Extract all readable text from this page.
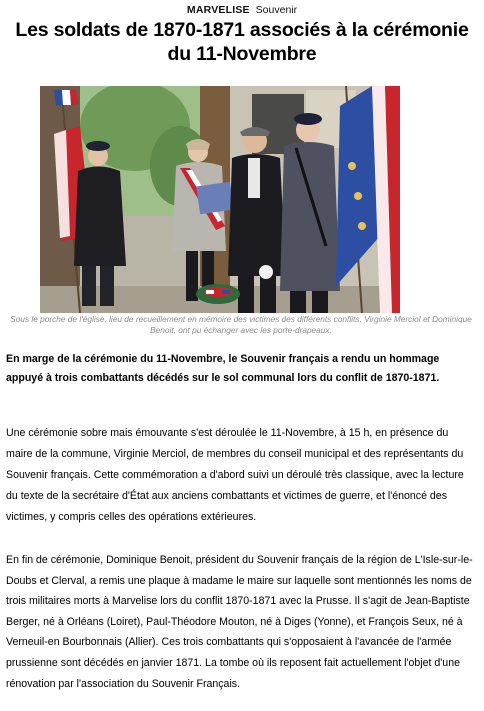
MARVELISE Souvenir
Les soldats de 1870-1871 associés à la cérémonie du 11-Novembre

Sous le porche de l'église, lieu de recueillement en mémoire des victimes des différents conflits, Virginie Merciol et Dominique Benoit, ont pu échanger avec les porte-drapeaux.

En marge de la cérémonie du 11-Novembre, le Souvenir français a rendu un hommage appuyé à trois combattants décédés sur le sol communal lors du conflit de 1870-1871.

Une cérémonie sobre mais émouvante s'est déroulée le 11-Novembre, à 15 h, en présence du maire de la commune, Virginie Merciol, de membres du conseil municipal et des représentants du Souvenir français. Cette commémoration a d'abord suivi un déroulé très classique, avec la lecture du texte de la secrétaire d'État aux anciens combattants et victimes de guerre, et l'énoncé des victimes, y compris celles des opérations extérieures.

En fin de cérémonie, Dominique Benoit, président du Souvenir français de la région de L'Isle-sur-le-Doubs et Clerval, a remis une plaque à madame le maire sur laquelle sont mentionnés les noms de trois militaires morts à Marvelise lors du conflit 1870-1871 avec la Prusse. Il s'agit de Jean-Baptiste Berger, né à Orléans (Loiret), Paul-Théodore Mouton, né à Diges (Yonne), et François Seux, né à Verneuil-en Bourbonnais (Allier). Ces trois combattants qui s'opposaient à l'avancée de l'armée prussienne sont décédés en janvier 1871. La tombe où ils reposent fait actuellement l'objet d'une rénovation par l'association du Souvenir Français.
